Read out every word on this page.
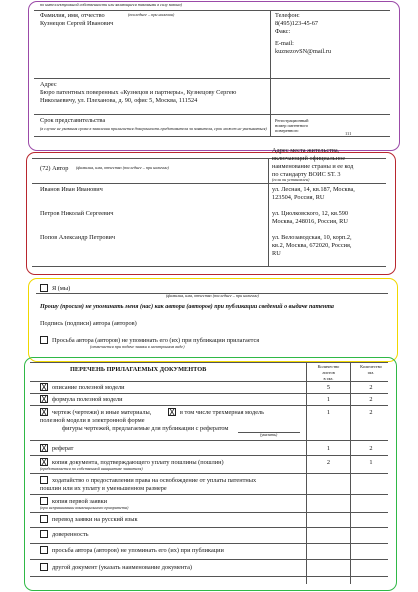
по интеллектуальной собственности или являющиеся таковыми в силу закона)
Фамилия, имя, отчество	(последнее – при наличии)
Кузнецов Сергей Иванович
Телефон:
8(495)123-45-67
Факс:
E-mail:
kuznezovSN@mail.ru
Адрес
Бюро патентных поверенных «Кузнецов и партнеры», Кузнецову Сергею
Николаевичу, ул. Плеханова, д. 90, офис 5, Москва, 111524
Срок представительства
(в случае не указания срока в заявлении прилагается доверенность представителя за заявителя, срок может не указываться)
Регистрационный
номер патентного
поверенного
111
(72) Автор (фамилия, имя, отчество (последнее – при наличии)
Адрес места жительства,
включающий официальное
наименование страны и ее код
по стандарту ВОИС ST. 3
(если он установлен)
Иванов Иван Иванович	ул. Лесная, 14, кв.187, Москва,
123504, Россия, RU
Петров Николай Сергеевич	ул. Циолковского, 12, кв.590
Москва, 248016, Россия, RU
Попов Александр Петрович	ул. Велозаводская, 10, корп.2,
кв.2, Москва, 672020, Россия,
RU
Я (мы)
(фамилия, имя, отчество (последнее – при наличии)
Прошу (просим) не упоминать меня (нас) как автора (авторов) при публикации сведений о выдаче патента
Подпись (подписи) автора (авторов)
Просьба автора (авторов) не упоминать его (их) при публикации прилагается
(отмечается при подаче заявки в электронном виде)
ПЕРЕЧЕНЬ ПРИЛАГАЕМЫХ ДОКУМЕНТОВ	Количество
листов
в экз.
Количество
экз.
X описание полезной модели	5	2
X формула полезной модели	1	2
X чертеж (чертежи) и иные материалы, X в том числе трехмерная модель
полезной модели в электронной форме
фигуры чертежей, предлагаемые для публикации с рефератом
(указать)
1	2
X реферат	1	2
X копия документа, подтверждающего уплату пошлины (пошлин)
(представляется по собственной инициативе заявителя)
2	1
ходатайство о предоставлении права на освобождение от уплаты патентных
пошлин или их уплату в уменьшенном размере
копия первой заявки
(при испрашивании конвенционного приоритета)
перевод заявки на русский язык
доверенность
просьба автора (авторов) не упоминать его (их) при публикации
другой документ (указать наименование документа)
